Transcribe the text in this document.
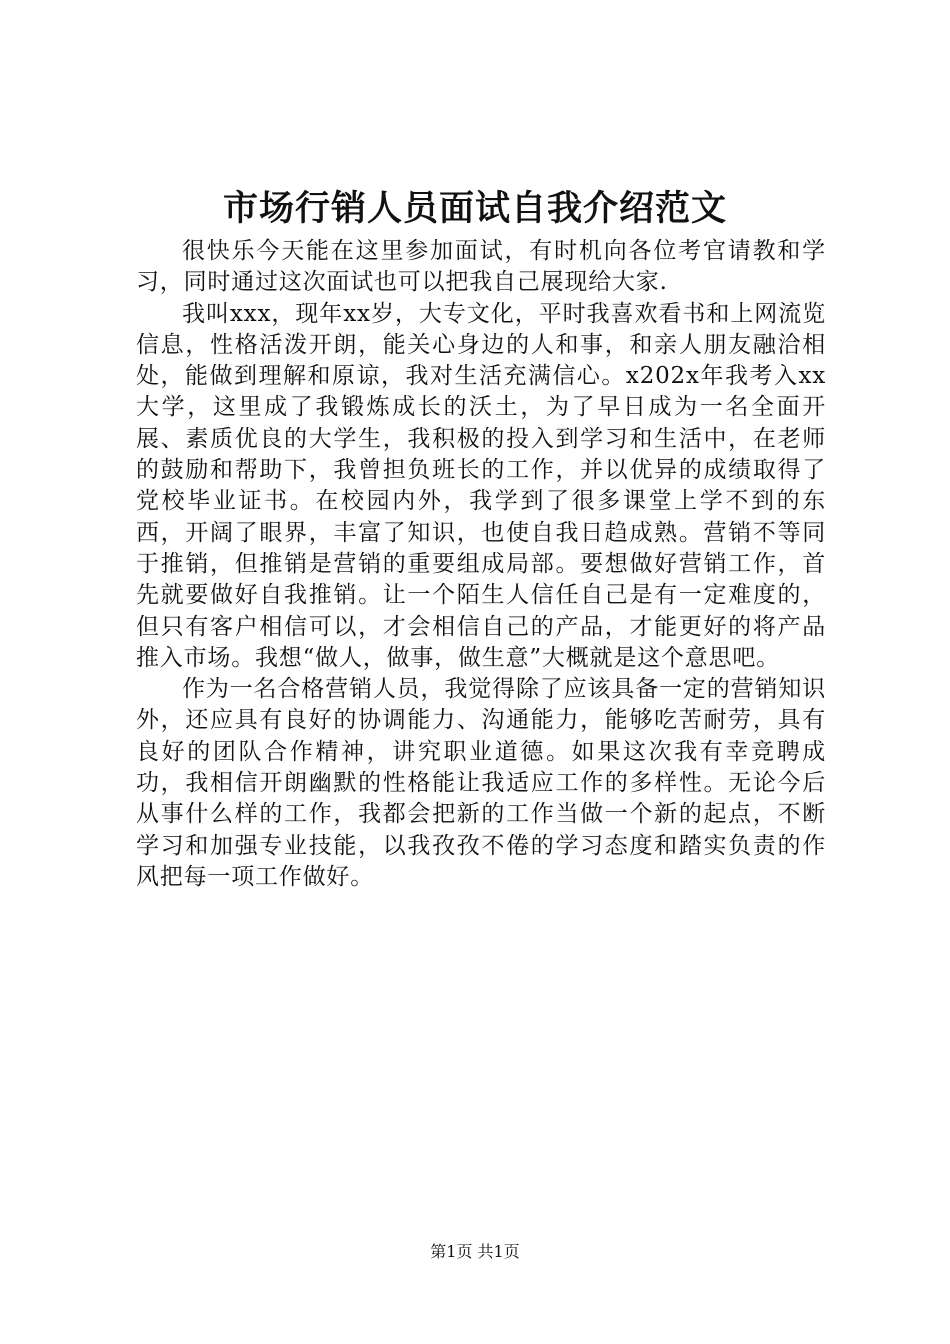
市场行销人员面试自我介绍范文

很快乐今天能在这里参加面试，有时机向各位考官请教和学习，同时通过这次面试也可以把我自己展现给大家.

我叫xxx，现年xx岁，大专文化，平时我喜欢看书和上网流览信息，性格活泼开朗，能关心身边的人和事，和亲人朋友融洽相处，能做到理解和原谅，我对生活充满信心。x202x年我考入xx大学，这里成了我锻炼成长的沃土，为了早日成为一名全面开展、素质优良的大学生，我积极的投入到学习和生活中，在老师的鼓励和帮助下，我曾担负班长的工作，并以优异的成绩取得了党校毕业证书。在校园内外，我学到了很多课堂上学不到的东西，开阔了眼界，丰富了知识，也使自我日趋成熟。营销不等同于推销，但推销是营销的重要组成局部。要想做好营销工作，首先就要做好自我推销。让一个陌生人信任自己是有一定难度的，但只有客户相信可以，才会相信自己的产品，才能更好的将产品推入市场。我想“做人，做事，做生意”大概就是这个意思吧。

作为一名合格营销人员，我觉得除了应该具备一定的营销知识外，还应具有良好的协调能力、沟通能力，能够吃苦耐劳，具有良好的团队合作精神，讲究职业道德。如果这次我有幸竞聘成功，我相信开朗幽默的性格能让我适应工作的多样性。无论今后从事什么样的工作，我都会把新的工作当做一个新的起点，不断学习和加强专业技能，以我孜孜不倦的学习态度和踏实负责的作风把每一项工作做好。

第1页 共1页
